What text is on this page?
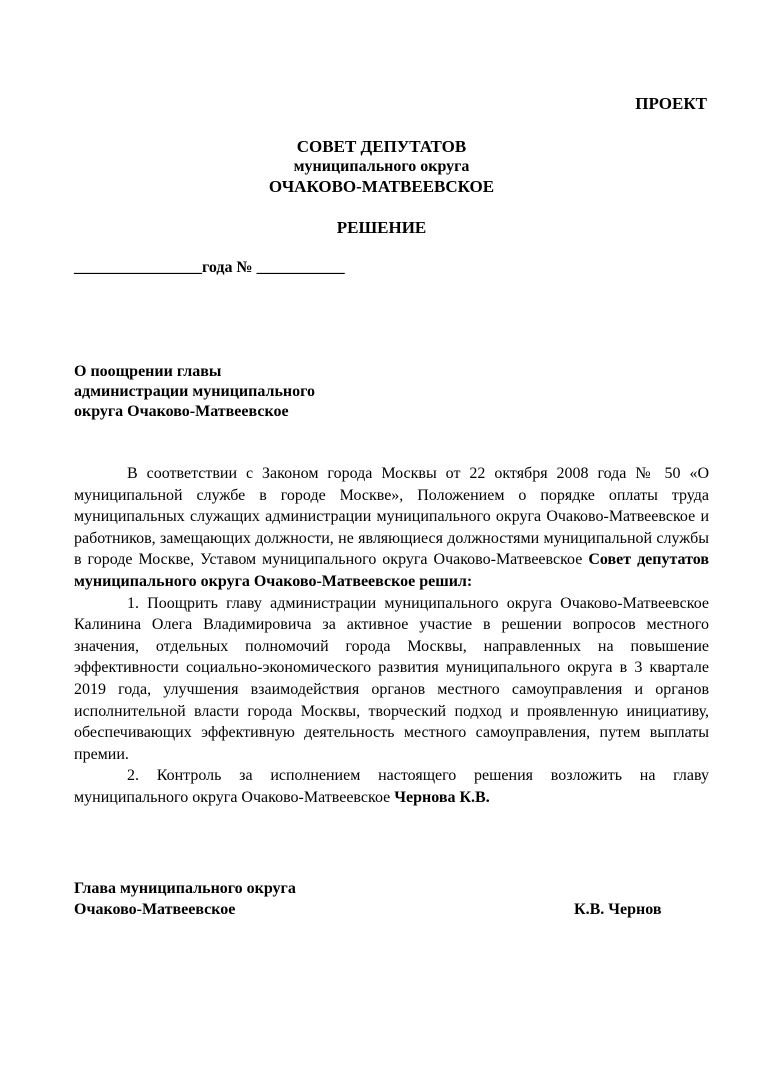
ПРОЕКТ
СОВЕТ ДЕПУТАТОВ
муниципального округа
ОЧАКОВО-МАТВЕЕВСКОЕ
РЕШЕНИЕ
________________года № ___________
О поощрении главы
администрации муниципального
округа Очаково-Матвеевское

В соответствии с Законом города Москвы от 22 октября 2008 года № 50 «О муниципальной службе в городе Москве», Положением о порядке оплаты труда муниципальных служащих администрации муниципального округа Очаково-Матвеевское и работников, замещающих должности, не являющиеся должностями муниципальной службы в городе Москве, Уставом муниципального округа Очаково-Матвеевское Совет депутатов муниципального округа Очаково-Матвеевское решил:

1. Поощрить главу администрации муниципального округа Очаково-Матвеевское Калинина Олега Владимировича за активное участие в решении вопросов местного значения, отдельных полномочий города Москвы, направленных на повышение эффективности социально-экономического развития муниципального округа в 3 квартале 2019 года, улучшения взаимодействия органов местного самоуправления и органов исполнительной власти города Москвы, творческий подход и проявленную инициативу, обеспечивающих эффективную деятельность местного самоуправления, путем выплаты премии.

2. Контроль за исполнением настоящего решения возложить на главу муниципального округа Очаково-Матвеевское Чернова К.В.

Глава муниципального округа
Очаково-Матвеевское	К.В. Чернов
